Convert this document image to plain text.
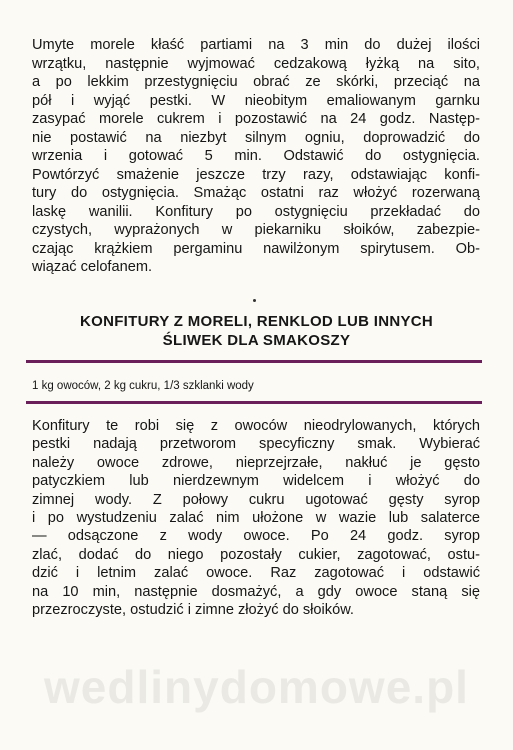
Umyte morele kłaść partiami na 3 min do dużej ilości
wrzątku, następnie wyjmować cedzakową łyżką na sito,
a po lekkim przestygnięciu obrać ze skórki, przeciąć na
pół i wyjąć pestki. W nieobitym emaliowanym garnku
zasypać morele cukrem i pozostawić na 24 godz. Następ-
nie postawić na niezbyt silnym ogniu, doprowadzić do
wrzenia i gotować 5 min. Odstawić do ostygnięcia.
Powtórzyć smażenie jeszcze trzy razy, odstawiając konfi-
tury do ostygnięcia. Smażąc ostatni raz włożyć rozerwaną
laskę wanilii. Konfitury po ostygnięciu przekładać do
czystych, wyprażonych w piekarniku słoików, zabezpie-
czając krążkiem pergaminu nawilżonym spirytusem. Ob-
wiązać celofanem.

KONFITURY Z MORELI, RENKLOD LUB INNYCH
ŚLIWEK DLA SMAKOSZY

1 kg owoców, 2 kg cukru, 1/3 szklanki wody

Konfitury te robi się z owoców nieodrylowanych, których
pestki nadają przetworom specyficzny smak. Wybierać
należy owoce zdrowe, nieprzejrzałe, nakłuć je gęsto
patyczkiem lub nierdzewnym widelcem i włożyć do
zimnej wody. Z połowy cukru ugotować gęsty syrop
i po wystudzeniu zalać nim ułożone w wazie lub salaterce
— odsączone z wody owoce. Po 24 godz. syrop
zlać, dodać do niego pozostały cukier, zagotować, ostu-
dzić i letnim zalać owoce. Raz zagotować i odstawić
na 10 min, następnie dosmażyć, a gdy owoce staną się
przezroczyste, ostudzić i zimne złożyć do słoików.

wedlinydomowe.pl
